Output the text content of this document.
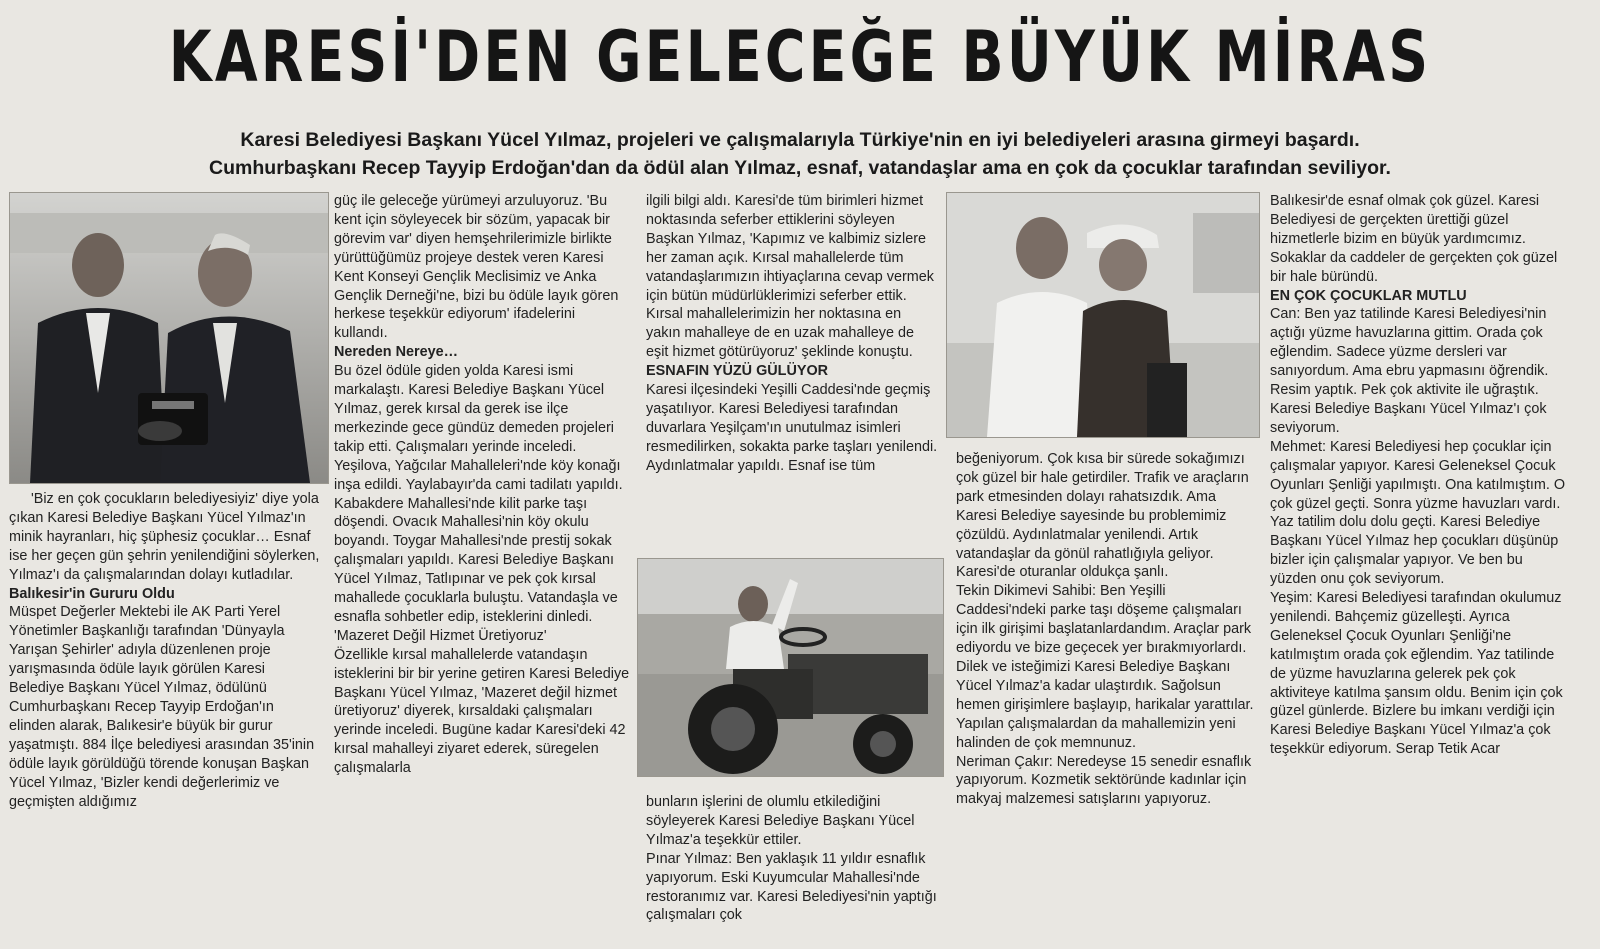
KARESİ'DEN GELECEĞE BÜYÜK MİRAS
Karesi Belediyesi Başkanı Yücel Yılmaz, projeleri ve çalışmalarıyla Türkiye'nin en iyi belediyeleri arasına girmeyi başardı.
Cumhurbaşkanı Recep Tayyip Erdoğan'dan da ödül alan Yılmaz, esnaf, vatandaşlar ama en çok da çocuklar tarafından seviliyor.

'Biz en çok çocukların belediyesiyiz' diye yola çıkan Karesi Belediye Başkanı Yücel Yılmaz'ın minik hayranları, hiç şüphesiz çocuklar… Esnaf ise her geçen gün şehrin yenilendiğini söylerken, Yılmaz'ı da çalışmalarından dolayı kutladılar.

Balıkesir'in Gururu Oldu

Müspet Değerler Mektebi ile AK Parti Yerel Yönetimler Başkanlığı tarafından 'Dünyayla Yarışan Şehirler' adıyla düzenlenen proje yarışmasında ödüle layık görülen Karesi Belediye Başkanı Yücel Yılmaz, ödülünü Cumhurbaşkanı Recep Tayyip Erdoğan'ın elinden alarak, Balıkesir'e büyük bir gurur yaşatmıştı. 884 İlçe belediyesi arasından 35'inin ödüle layık görüldüğü törende konuşan Başkan Yücel Yılmaz, 'Bizler kendi değerlerimiz ve geçmişten aldığımız

güç ile geleceğe yürümeyi arzuluyoruz. 'Bu kent için söyleyecek bir sözüm, yapacak bir görevim var' diyen hemşehrilerimizle birlikte yürüttüğümüz projeye destek veren Karesi Kent Konseyi Gençlik Meclisimiz ve Anka Gençlik Derneği'ne, bizi bu ödüle layık gören herkese teşekkür ediyorum' ifadelerini kullandı.

Nereden Nereye…

Bu özel ödüle giden yolda Karesi ismi markalaştı. Karesi Belediye Başkanı Yücel Yılmaz, gerek kırsal da gerek ise ilçe merkezinde gece gündüz demeden projeleri takip etti. Çalışmaları yerinde inceledi. Yeşilova, Yağcılar Mahalleleri'nde köy konağı inşa edildi. Yaylabayır'da cami tadilatı yapıldı. Kabakdere Mahallesi'nde kilit parke taşı döşendi. Ovacık Mahallesi'nin köy okulu boyandı. Toygar Mahallesi'nde prestij sokak çalışmaları yapıldı. Karesi Belediye Başkanı Yücel Yılmaz, Tatlıpınar ve pek çok kırsal mahallede çocuklarla buluştu. Vatandaşla ve esnafla sohbetler edip, isteklerini dinledi.

'Mazeret Değil Hizmet Üretiyoruz'

Özellikle kırsal mahallelerde vatandaşın isteklerini bir bir yerine getiren Karesi Belediye Başkanı Yücel Yılmaz, 'Mazeret değil hizmet üretiyoruz' diyerek, kırsaldaki çalışmaları yerinde inceledi. Bugüne kadar Karesi'deki 42 kırsal mahalleyi ziyaret ederek, süregelen çalışmalarla

ilgili bilgi aldı. Karesi'de tüm birimleri hizmet noktasında seferber ettiklerini söyleyen Başkan Yılmaz, 'Kapımız ve kalbimiz sizlere her zaman açık. Kırsal mahallelerde tüm vatandaşlarımızın ihtiyaçlarına cevap vermek için bütün müdürlüklerimizi seferber ettik. Kırsal mahallelerimizin her noktasına en yakın mahalleye de en uzak mahalleye de eşit hizmet götürüyoruz' şeklinde konuştu.

ESNAFIN YÜZÜ GÜLÜYOR

Karesi ilçesindeki Yeşilli Caddesi'nde geçmiş yaşatılıyor. Karesi Belediyesi tarafından duvarlara Yeşilçam'ın unutulmaz isimleri resmedilirken, sokakta parke taşları yenilendi. Aydınlatmalar yapıldı. Esnaf ise tüm

bunların işlerini de olumlu etkilediğini söyleyerek Karesi Belediye Başkanı Yücel Yılmaz'a teşekkür ettiler.

Pınar Yılmaz: Ben yaklaşık 11 yıldır esnaflık yapıyorum. Eski Kuyumcular Mahallesi'nde restoranımız var. Karesi Belediyesi'nin yaptığı çalışmaları çok

beğeniyorum. Çok kısa bir sürede sokağımızı çok güzel bir hale getirdiler. Trafik ve araçların park etmesinden dolayı rahatsızdık. Ama Karesi Belediye sayesinde bu problemimiz çözüldü. Aydınlatmalar yenilendi. Artık vatandaşlar da gönül rahatlığıyla geliyor. Karesi'de oturanlar oldukça şanlı.

Tekin Dikimevi Sahibi: Ben Yeşilli Caddesi'ndeki parke taşı döşeme çalışmaları için ilk girişimi başlatanlardandım. Araçlar park ediyordu ve bize geçecek yer bırakmıyorlardı. Dilek ve isteğimizi Karesi Belediye Başkanı Yücel Yılmaz'a kadar ulaştırdık. Sağolsun hemen girişimlere başlayıp, harikalar yarattılar. Yapılan çalışmalardan da mahallemizin yeni halinden de çok memnunuz.

Neriman Çakır: Neredeyse 15 senedir esnaflık yapıyorum. Kozmetik sektöründe kadınlar için makyaj malzemesi satışlarını yapıyoruz.

Balıkesir'de esnaf olmak çok güzel. Karesi Belediyesi de gerçekten ürettiği güzel hizmetlerle bizim en büyük yardımcımız. Sokaklar da caddeler de gerçekten çok güzel bir hale büründü.

EN ÇOK ÇOCUKLAR MUTLU

Can: Ben yaz tatilinde Karesi Belediyesi'nin açtığı yüzme havuzlarına gittim. Orada çok eğlendim. Sadece yüzme dersleri var sanıyordum. Ama ebru yapmasını öğrendik. Resim yaptık. Pek çok aktivite ile uğraştık. Karesi Belediye Başkanı Yücel Yılmaz'ı çok seviyorum.

Mehmet: Karesi Belediyesi hep çocuklar için çalışmalar yapıyor. Karesi Geleneksel Çocuk Oyunları Şenliği yapılmıştı. Ona katılmıştım. O çok güzel geçti. Sonra yüzme havuzları vardı.

Yaz tatilim dolu dolu geçti. Karesi Belediye Başkanı Yücel Yılmaz hep çocukları düşünüp bizler için çalışmalar yapıyor. Ve ben bu yüzden onu çok seviyorum.

Yeşim: Karesi Belediyesi tarafından okulumuz yenilendi. Bahçemiz güzelleşti. Ayrıca Geleneksel Çocuk Oyunları Şenliği'ne katılmıştım orada çok eğlendim. Yaz tatilinde de yüzme havuzlarına gelerek pek çok aktiviteye katılma şansım oldu. Benim için çok güzel günlerde. Bizlere bu imkanı verdiği için Karesi Belediye Başkanı Yücel Yılmaz'a çok teşekkür ediyorum. Serap Tetik Acar
